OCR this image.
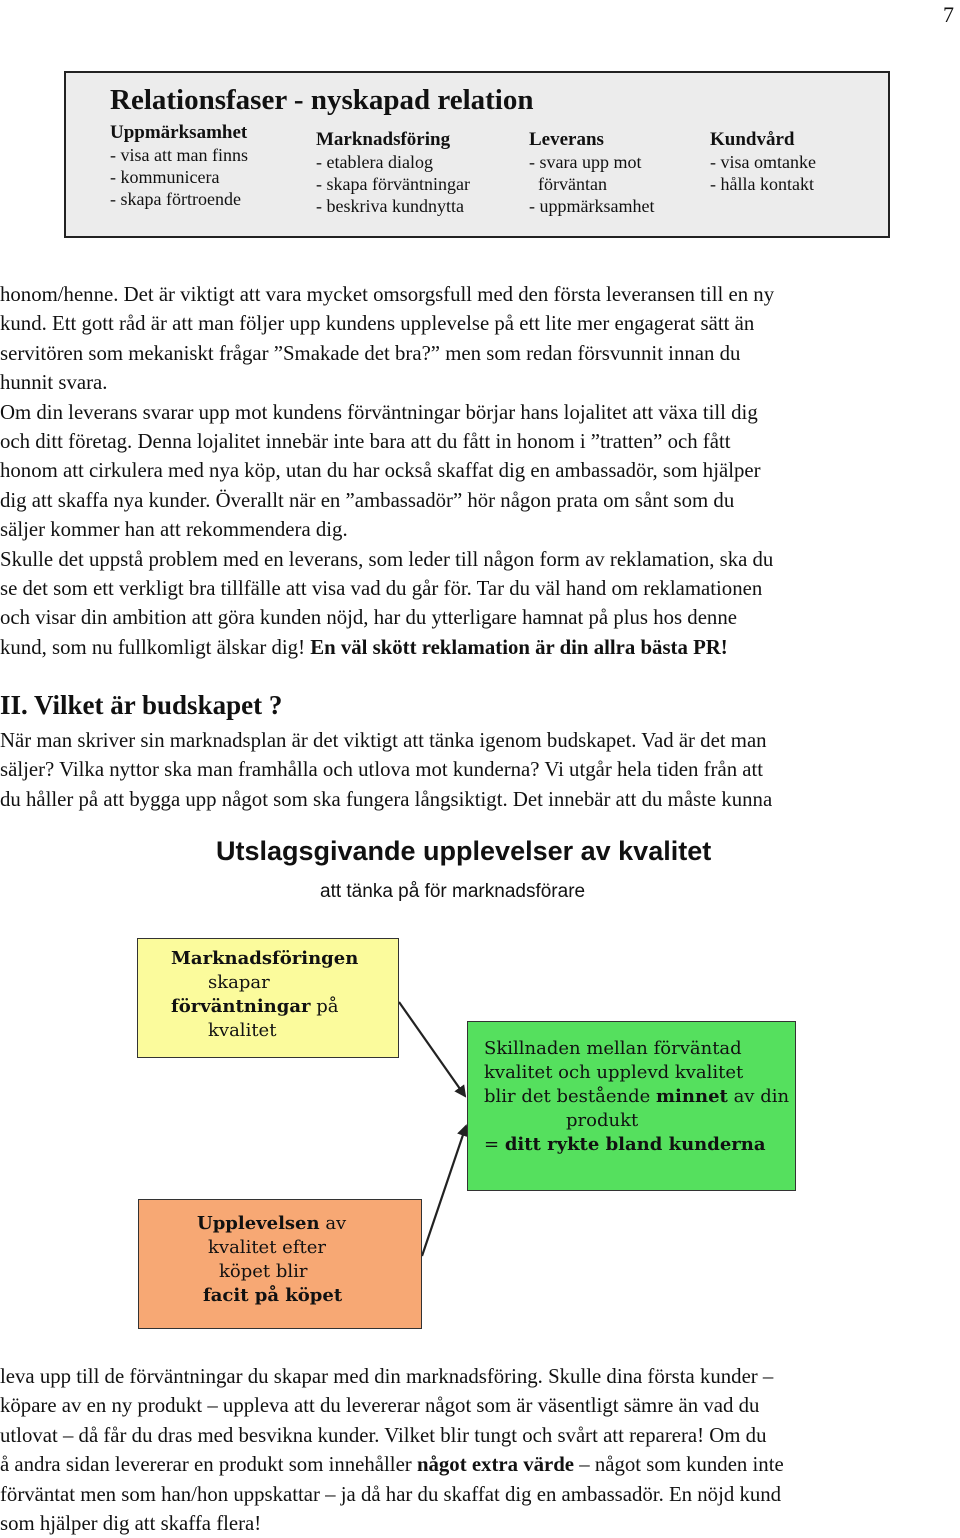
7
Relationsfaser - nyskapad relation
Uppmärksamhet
- visa att man finns
- kommunicera
- skapa förtroende
Marknadsföring
- etablera dialog
- skapa förväntningar
- beskriva kundnytta
Leverans
- svara upp mot
förväntan
- uppmärksamhet
Kundvård
- visa omtanke
- hålla kontakt
honom/henne. Det är viktigt att vara mycket omsorgsfull med den första leveransen till en ny
kund. Ett gott råd är att man följer upp kundens upplevelse på ett lite mer engagerat sätt än
servitören som mekaniskt frågar ”Smakade det bra?” men som redan försvunnit innan du
hunnit svara.
Om din leverans svarar upp mot kundens förväntningar börjar hans lojalitet att växa till dig
och ditt företag. Denna lojalitet innebär inte bara att du fått in honom i ”tratten” och fått
honom att cirkulera med nya köp, utan du har också skaffat dig en ambassadör, som hjälper
dig att skaffa nya kunder. Överallt när en ”ambassadör” hör någon prata om sånt som du
säljer kommer han att rekommendera dig.
Skulle det uppstå problem med en leverans, som leder till någon form av reklamation, ska du
se det som ett verkligt bra tillfälle att visa vad du går för. Tar du väl hand om reklamationen
och visar din ambition att göra kunden nöjd, har du ytterligare hamnat på plus hos denne
kund, som nu fullkomligt älskar dig! En väl skött reklamation är din allra bästa PR!
II. Vilket är budskapet ?
När man skriver sin marknadsplan är det viktigt att tänka igenom budskapet. Vad är det man
säljer? Vilka nyttor ska man framhålla och utlova mot kunderna? Vi utgår hela tiden från att
du håller på att bygga upp något som ska fungera långsiktigt. Det innebär att du måste kunna
Utslagsgivande upplevelser av kvalitet
att tänka på för marknadsförare
Marknadsföringen
skapar
förväntningar på
kvalitet
Skillnaden mellan förväntad
kvalitet och upplevd kvalitet
blir det bestående minnet av din
produkt
= ditt rykte bland kunderna
Upplevelsen av
kvalitet efter
köpet blir
facit på köpet
leva upp till de förväntningar du skapar med din marknadsföring. Skulle dina första kunder –
köpare av en ny produkt – uppleva att du levererar något som är väsentligt sämre än vad du
utlovat – då får du dras med besvikna kunder. Vilket blir tungt och svårt att reparera! Om du
å andra sidan levererar en produkt som innehåller något extra värde – något som kunden inte
förväntat men som han/hon uppskattar – ja då har du skaffat dig en ambassadör. En nöjd kund
som hjälper dig att skaffa flera!
